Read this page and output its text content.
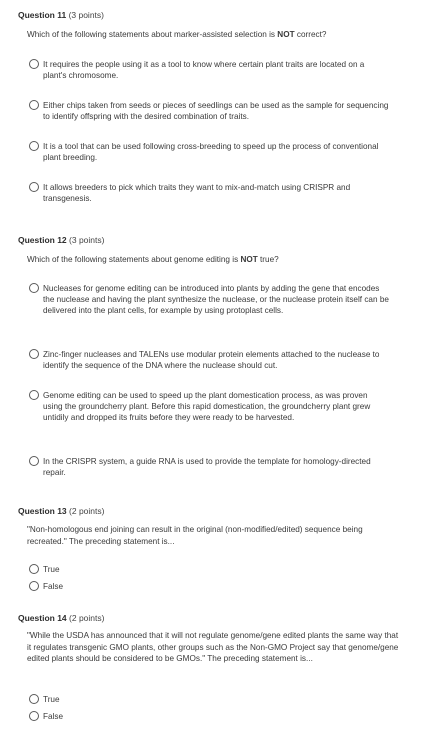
Question 11 (3 points)
Which of the following statements about marker-assisted selection is NOT correct?
It requires the people using it as a tool to know where certain plant traits are located on a plant's chromosome.
Either chips taken from seeds or pieces of seedlings can be used as the sample for sequencing to identify offspring with the desired combination of traits.
It is a tool that can be used following cross-breeding to speed up the process of conventional plant breeding.
It allows breeders to pick which traits they want to mix-and-match using CRISPR and transgenesis.
Question 12 (3 points)
Which of the following statements about genome editing is NOT true?
Nucleases for genome editing can be introduced into plants by adding the gene that encodes the nuclease and having the plant synthesize the nuclease, or the nuclease protein itself can be delivered into the plant cells, for example by using protoplast cells.
Zinc-finger nucleases and TALENs use modular protein elements attached to the nuclease to identify the sequence of the DNA where the nuclease should cut.
Genome editing can be used to speed up the plant domestication process, as was proven using the groundcherry plant. Before this rapid domestication, the groundcherry plant grew untidily and dropped its fruits before they were ready to be harvested.
In the CRISPR system, a guide RNA is used to provide the template for homology-directed repair.
Question 13 (2 points)
"Non-homologous end joining can result in the original (non-modified/edited) sequence being recreated." The preceding statement is...
True
False
Question 14 (2 points)
"While the USDA has announced that it will not regulate genome/gene edited plants the same way that it regulates transgenic GMO plants, other groups such as the Non-GMO Project say that genome/gene edited plants should be considered to be GMOs." The preceding statement is...
True
False
